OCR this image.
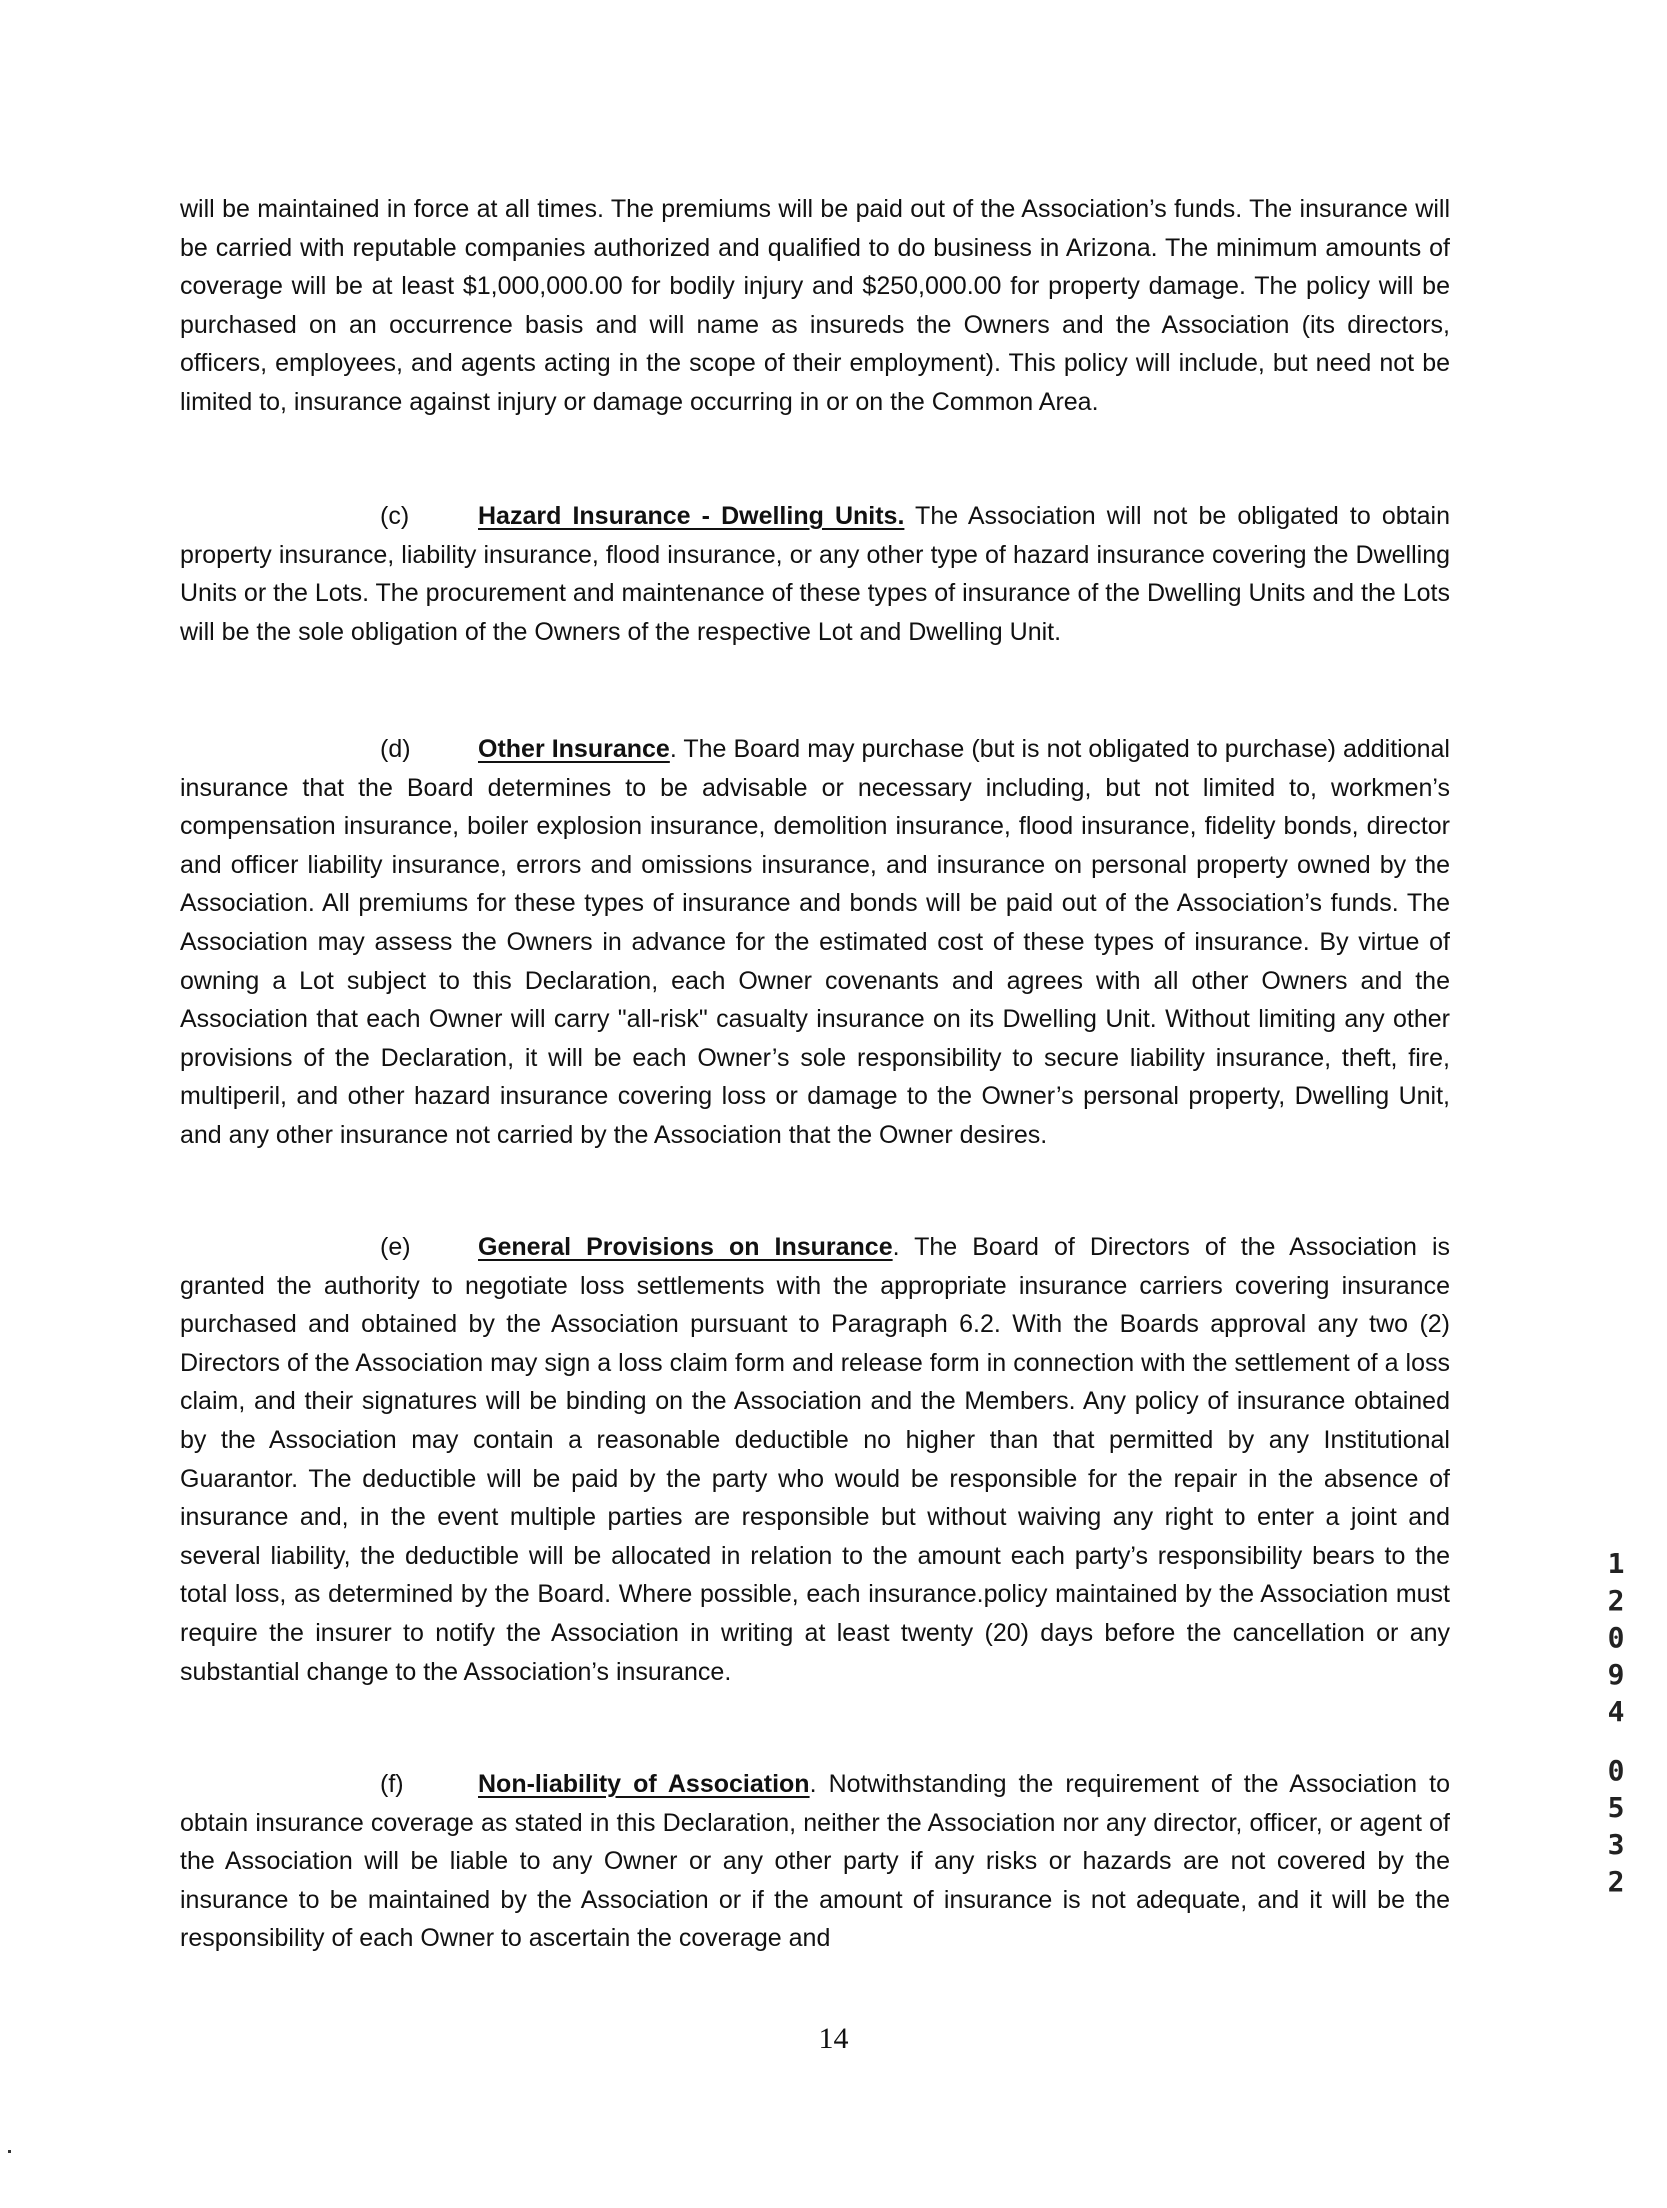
will be maintained in force at all times. The premiums will be paid out of the Association’s funds. The insurance will be carried with reputable companies authorized and qualified to do business in Arizona. The minimum amounts of coverage will be at least $1,000,000.00 for bodily injury and $250,000.00 for property damage. The policy will be purchased on an occurrence basis and will name as insureds the Owners and the Association (its directors, officers, employees, and agents acting in the scope of their employment). This policy will include, but need not be limited to, insurance against injury or damage occurring in or on the Common Area.

(c)	Hazard Insurance - Dwelling Units. The Association will not be obligated to obtain property insurance, liability insurance, flood insurance, or any other type of hazard insurance covering the Dwelling Units or the Lots. The procurement and maintenance of these types of insurance of the Dwelling Units and the Lots will be the sole obligation of the Owners of the respective Lot and Dwelling Unit.

(d)	Other Insurance. The Board may purchase (but is not obligated to purchase) additional insurance that the Board determines to be advisable or necessary including, but not limited to, workmen’s compensation insurance, boiler explosion insurance, demolition insurance, flood insurance, fidelity bonds, director and officer liability insurance, errors and omissions insurance, and insurance on personal property owned by the Association. All premiums for these types of insurance and bonds will be paid out of the Association’s funds. The Association may assess the Owners in advance for the estimated cost of these types of insurance. By virtue of owning a Lot subject to this Declaration, each Owner covenants and agrees with all other Owners and the Association that each Owner will carry "all-risk" casualty insurance on its Dwelling Unit. Without limiting any other provisions of the Declaration, it will be each Owner’s sole responsibility to secure liability insurance, theft, fire, multiperil, and other hazard insurance covering loss or damage to the Owner’s personal property, Dwelling Unit, and any other insurance not carried by the Association that the Owner desires.

(e)	General Provisions on Insurance. The Board of Directors of the Association is granted the authority to negotiate loss settlements with the appropriate insurance carriers covering insurance purchased and obtained by the Association pursuant to Paragraph 6.2. With the Boards approval any two (2) Directors of the Association may sign a loss claim form and release form in connection with the settlement of a loss claim, and their signatures will be binding on the Association and the Members. Any policy of insurance obtained by the Association may contain a reasonable deductible no higher than that permitted by any Institutional Guarantor. The deductible will be paid by the party who would be responsible for the repair in the absence of insurance and, in the event multiple parties are responsible but without waiving any right to enter a joint and several liability, the deductible will be allocated in relation to the amount each party’s responsibility bears to the total loss, as determined by the Board. Where possible, each insurance.policy maintained by the Association must require the insurer to notify the Association in writing at least twenty (20) days before the cancellation or any substantial change to the Association’s insurance.

(f)	Non-liability of Association. Notwithstanding the requirement of the Association to obtain insurance coverage as stated in this Declaration, neither the Association nor any director, officer, or agent of the Association will be liable to any Owner or any other party if any risks or hazards are not covered by the insurance to be maintained by the Association or if the amount of insurance is not adequate, and it will be the responsibility of each Owner to ascertain the coverage and

1
2
0
9
4
0
5
3
2

14
